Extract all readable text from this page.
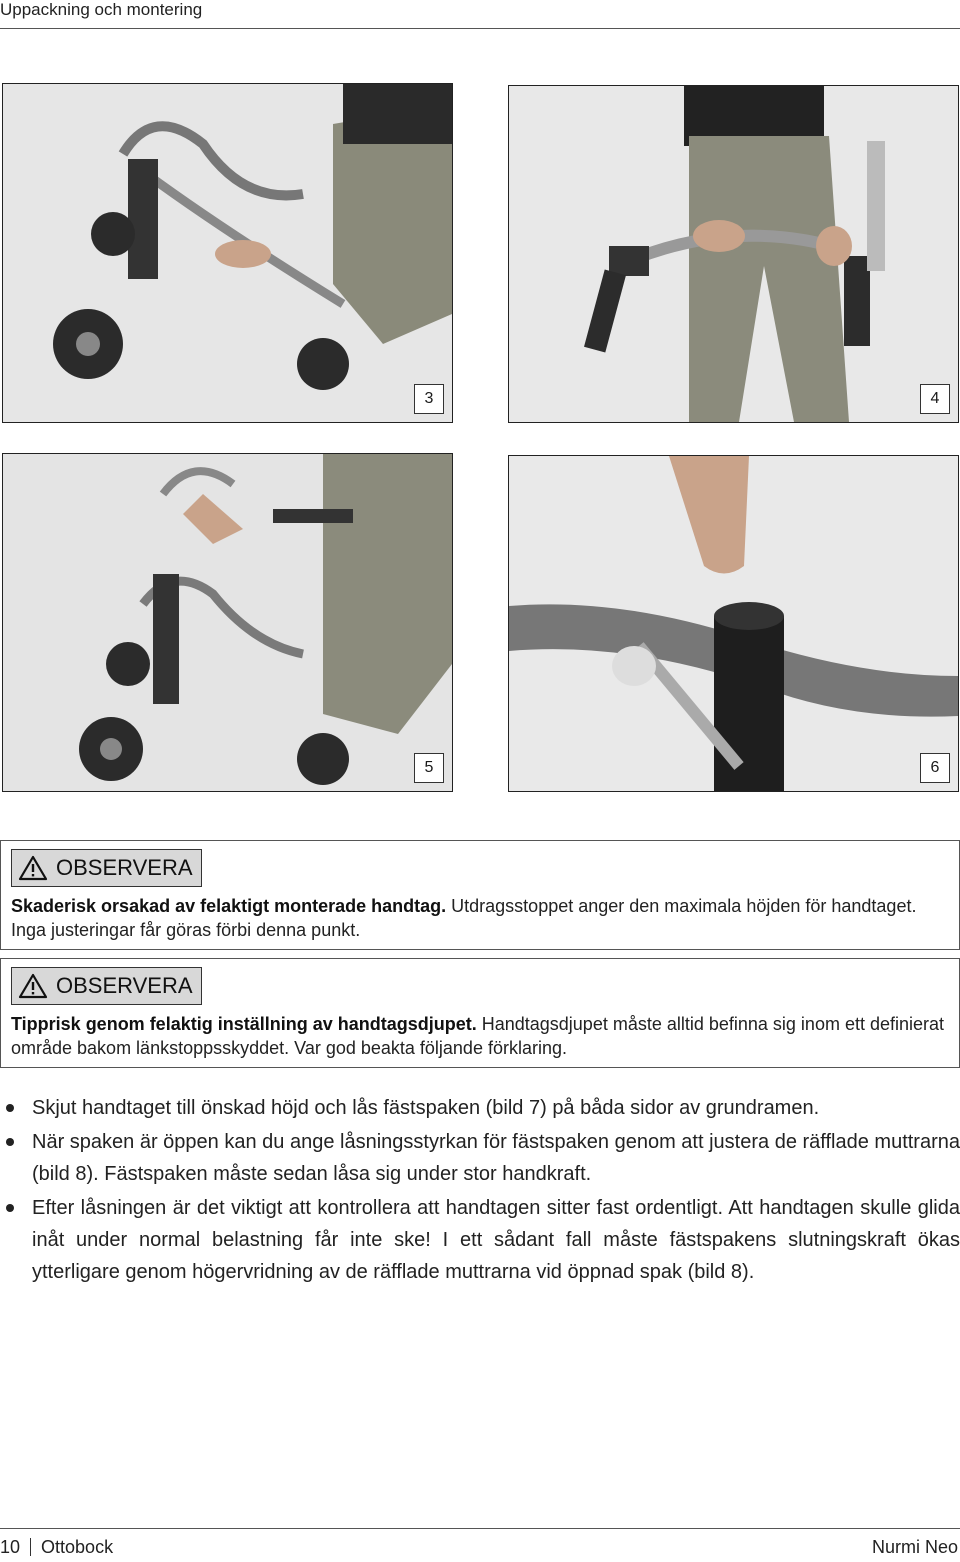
Uppackning och montering
3	4
5	6
OBSERVERA
Skaderisk orsakad av felaktigt monterade handtag. Utdragsstoppet anger den maximala höjden för handtaget. Inga justeringar får göras förbi denna punkt.
OBSERVERA
Tipprisk genom felaktig inställning av handtagsdjupet. Handtagsdjupet måste alltid befinna sig inom ett definierat område bakom länkstoppsskyddet. Var god beakta följande förklaring.
Skjut handtaget till önskad höjd och lås fästspaken (bild 7) på båda sidor av grundramen.
När spaken är öppen kan du ange låsningsstyrkan för fästspaken genom att justera de räfflade muttrarna (bild 8). Fästspaken måste sedan låsa sig under stor handkraft.
Efter låsningen är det viktigt att kontrollera att handtagen sitter fast ordentligt. Att handtagen skulle glida inåt under normal belastning får inte ske! I ett sådant fall måste fästspakens slutningskraft ökas ytterligare genom högervridning av de räfflade muttrarna vid öppnad spak (bild 8).
10 Ottobock	Nurmi Neo
